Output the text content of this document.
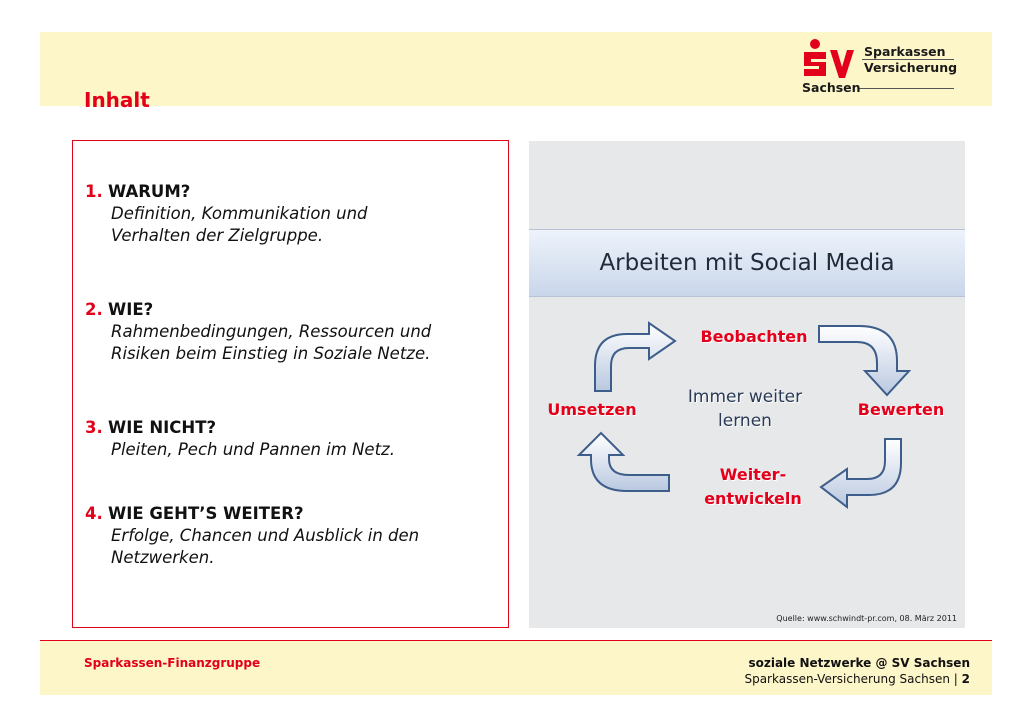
Inhalt
Sparkassen
Versicherung
Sachsen
1. WARUM?
Definition, Kommunikation und
Verhalten der Zielgruppe.
2. WIE?
Rahmenbedingungen, Ressourcen und
Risiken beim Einstieg in Soziale Netze.
3. WIE NICHT?
Pleiten, Pech und Pannen im Netz.
4. WIE GEHT’S WEITER?
Erfolge, Chancen und Ausblick in den
Netzwerken.
Arbeiten mit Social Media
Beobachten
Bewerten
Umsetzen
Weiter-
entwickeln
Immer weiter
lernen
Quelle: www.schwindt-pr.com, 08. März 2011
Sparkassen-Finanzgruppe	soziale Netzwerke @ SV Sachsen
Sparkassen-Versicherung Sachsen | 2
